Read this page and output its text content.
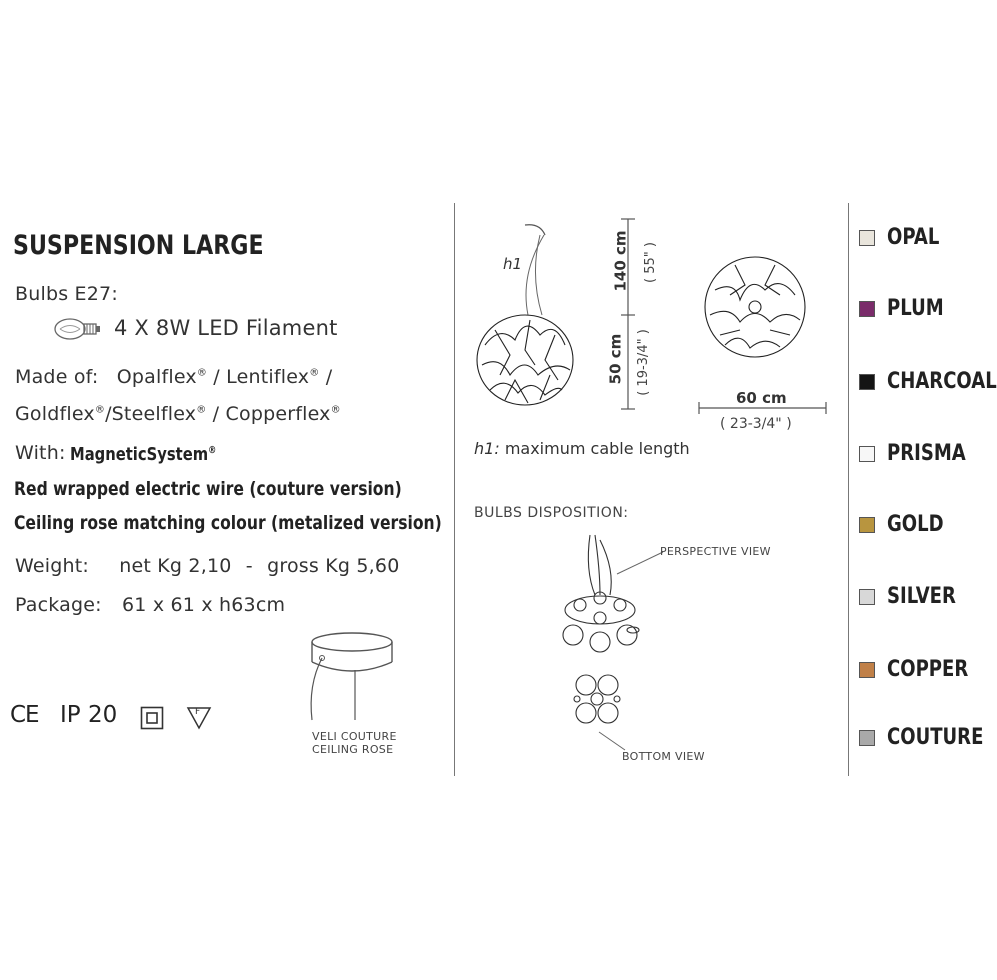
SUSPENSION LARGE
Bulbs E27:
4 X 8W LED Filament
Made of: Opalflex® / Lentiflex® /
Goldflex®/Steelflex® / Copperflex®
With: MagneticSystem®
Red wrapped electric wire (couture version)
Ceiling rose matching colour (metalized version)
Weight: net Kg 2,10 - gross Kg 5,60
Package: 61 x 61 x h63cm
CE IP 20	F
VELI COUTURE
CEILING ROSE
h1	140 cm ( 55" )
50 cm ( 19-3/4" )
60 cm
( 23-3/4" )
h1: maximum cable length
BULBS DISPOSITION:
PERSPECTIVE VIEW
BOTTOM VIEW
OPAL
PLUM
CHARCOAL
PRISMA
GOLD
SILVER
COPPER
COUTURE
